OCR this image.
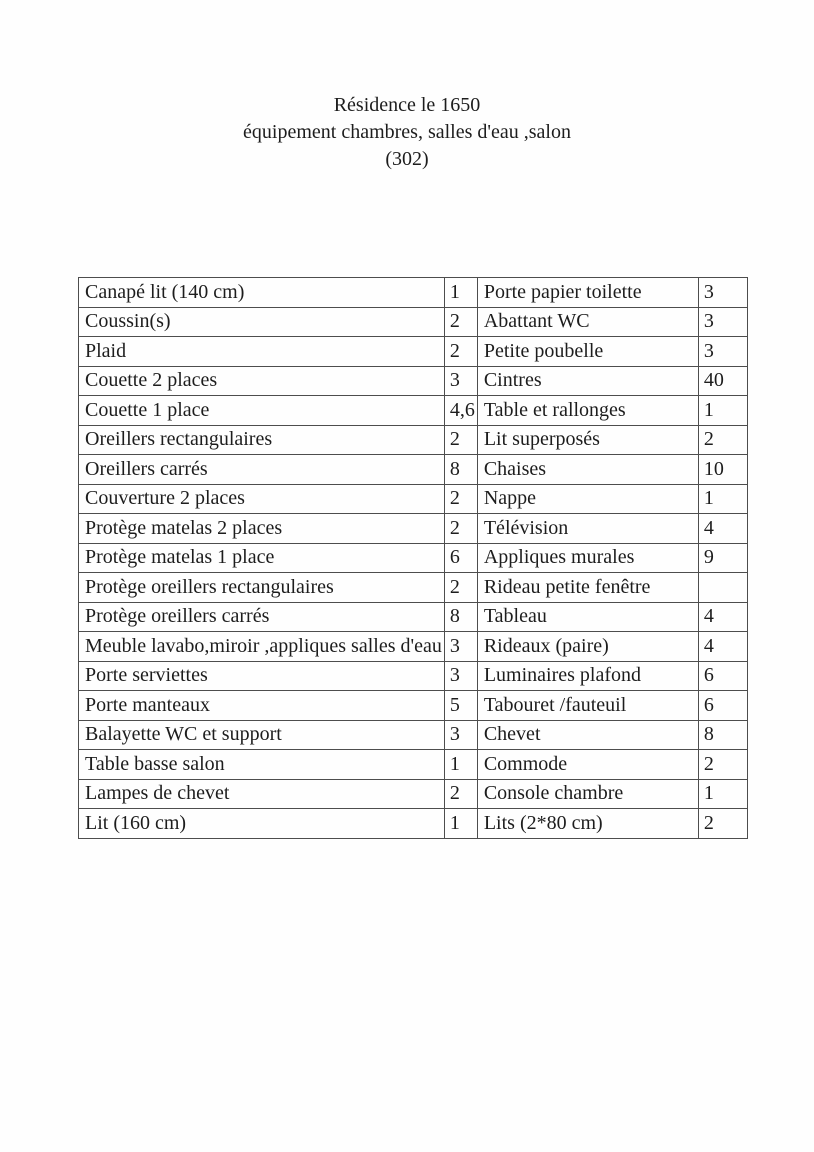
Résidence le 1650
équipement chambres, salles d'eau ,salon
(302)
Canapé lit (140 cm)	1	Porte papier toilette	3
Coussin(s)	2	Abattant WC	3
Plaid	2	Petite poubelle	3
Couette 2 places	3	Cintres	40
Couette 1 place	4,6	Table et rallonges	1
Oreillers rectangulaires	2	Lit superposés	2
Oreillers carrés	8	Chaises	10
Couverture 2 places	2	Nappe	1
Protège matelas 2 places	2	Télévision	4
Protège matelas 1 place	6	Appliques murales	9
Protège oreillers rectangulaires	2	Rideau petite fenêtre	
Protège oreillers carrés	8	Tableau	4
Meuble lavabo,miroir ,appliques salles d'eau	3	Rideaux (paire)	4
Porte serviettes	3	Luminaires plafond	6
Porte manteaux	5	Tabouret /fauteuil	6
Balayette WC et support	3	Chevet	8
Table basse salon	1	Commode	2
Lampes de chevet	2	Console chambre	1
Lit (160 cm)	1	Lits (2*80 cm)	2
